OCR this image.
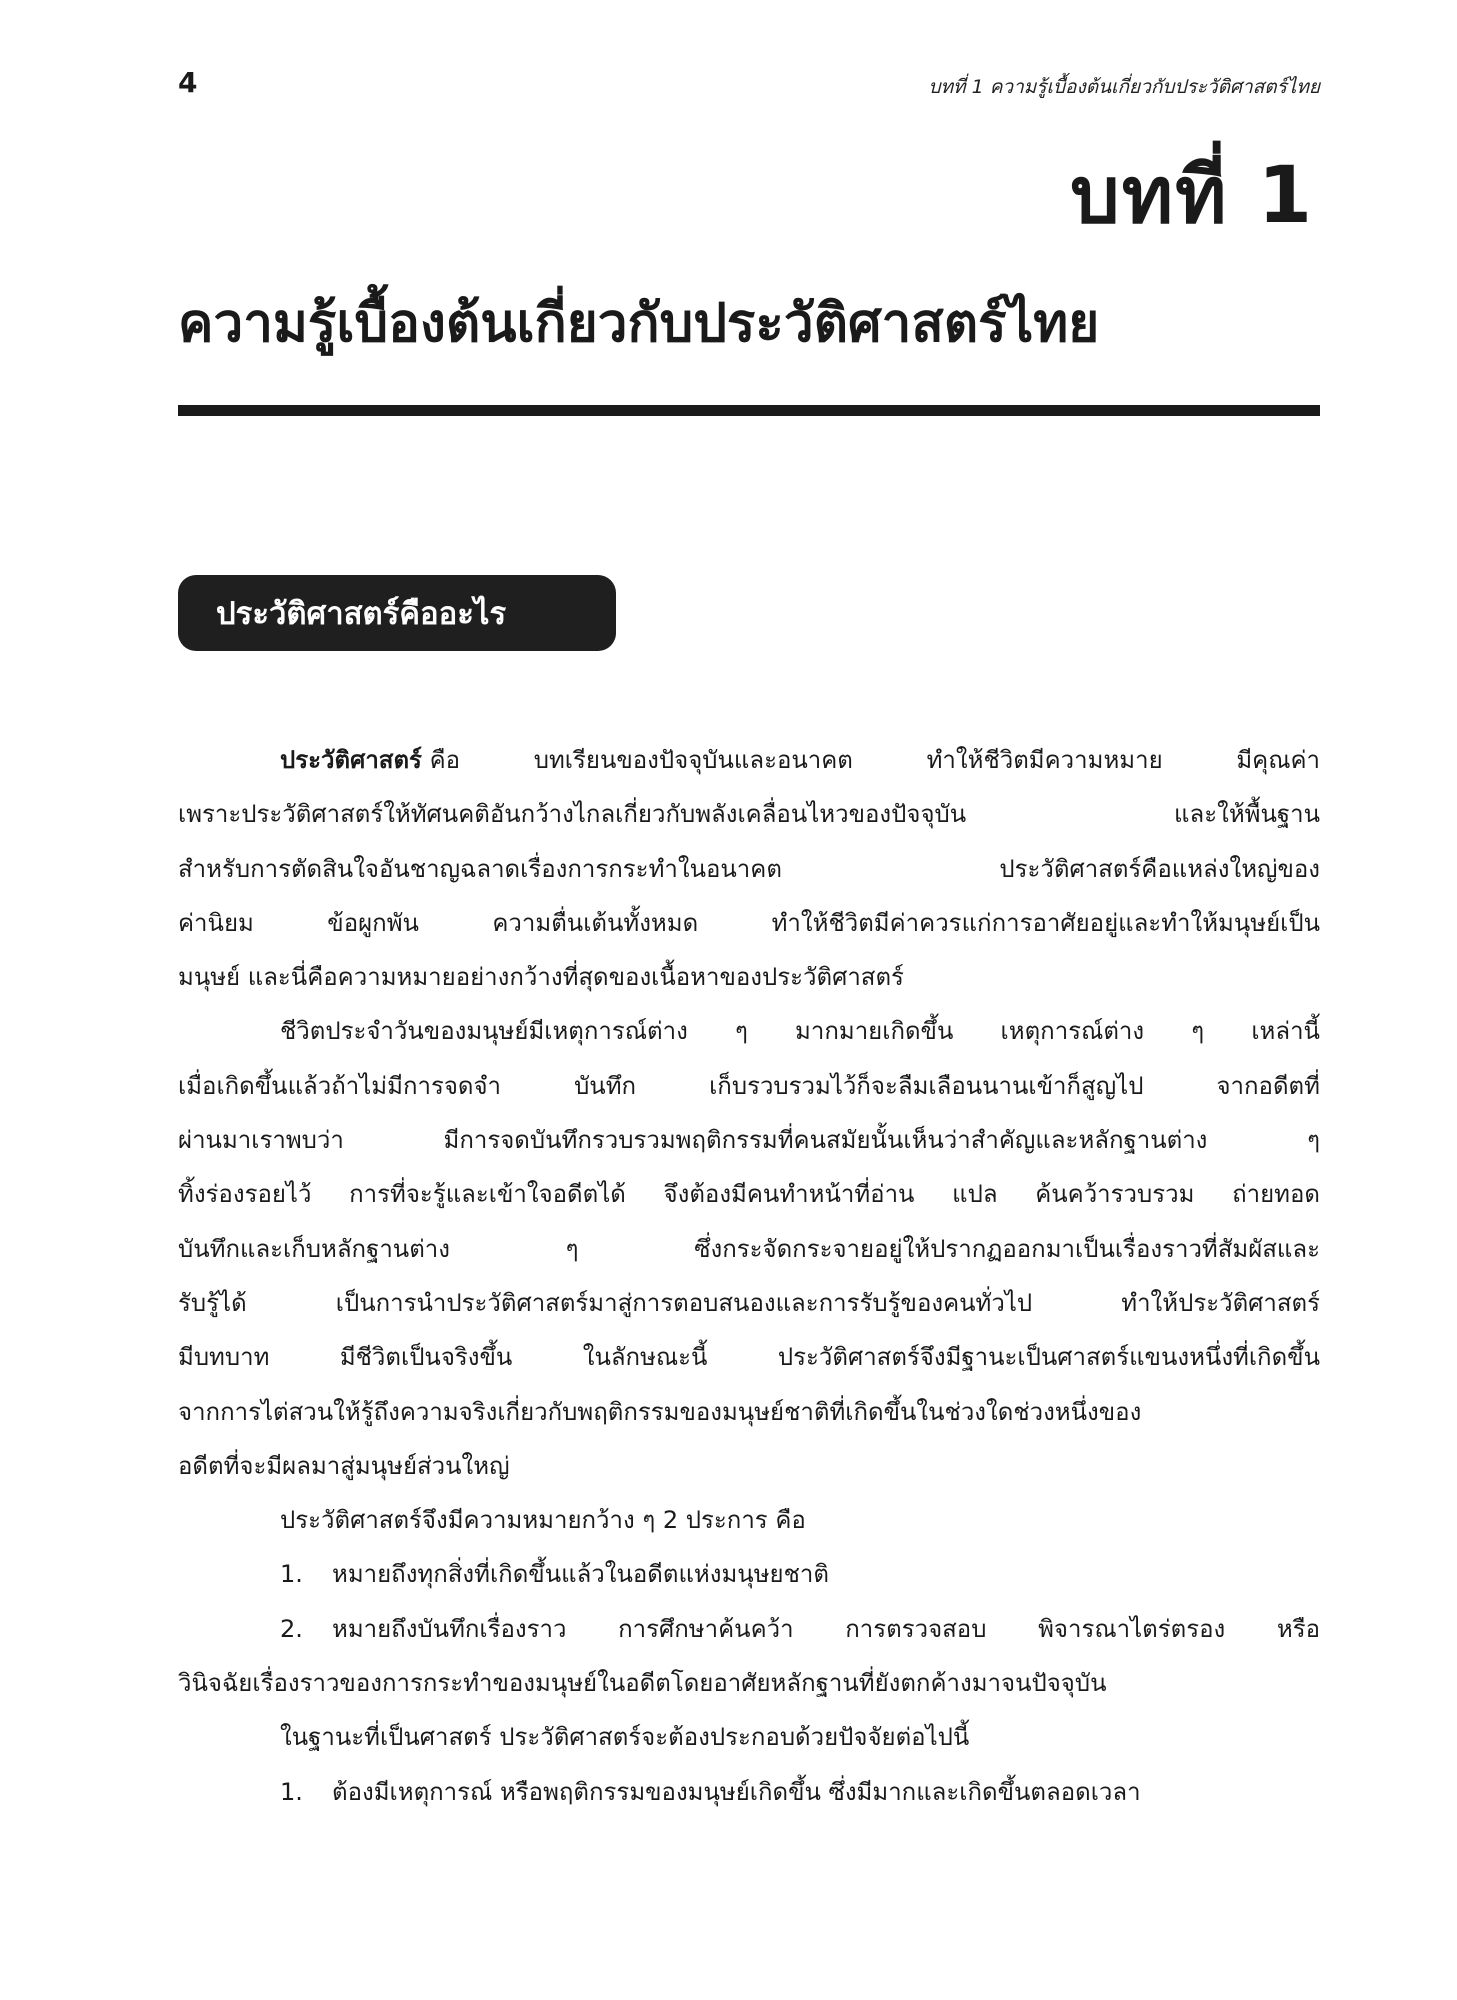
4	บทที่ 1 ความรู้เบื้องต้นเกี่ยวกับประวัติศาสตร์ไทย
บทที่ 1
ความรู้เบื้องต้นเกี่ยวกับประวัติศาสตร์ไทย
ประวัติศาสตร์คืออะไร
ประวัติศาสตร์ คือ	บทเรียนของปัจจุบันและอนาคต	ทำให้ชีวิตมีความหมาย	มีคุณค่า
เพราะประวัติศาสตร์ให้ทัศนคติอันกว้างไกลเกี่ยวกับพลังเคลื่อนไหวของปัจจุบัน	และให้พื้นฐาน
สำหรับการตัดสินใจอันชาญฉลาดเรื่องการกระทำในอนาคต	ประวัติศาสตร์คือแหล่งใหญ่ของ
ค่านิยม	ข้อผูกพัน	ความตื่นเต้นทั้งหมด	ทำให้ชีวิตมีค่าควรแก่การอาศัยอยู่และทำให้มนุษย์เป็น
มนุษย์ และนี่คือความหมายอย่างกว้างที่สุดของเนื้อหาของประวัติศาสตร์
ชีวิตประจำวันของมนุษย์มีเหตุการณ์ต่าง ๆ มากมายเกิดขึ้น เหตุการณ์ต่าง ๆ เหล่านี้
เมื่อเกิดขึ้นแล้วถ้าไม่มีการจดจำ	บันทึก	เก็บรวบรวมไว้ก็จะลืมเลือนนานเข้าก็สูญไป	จากอดีตที่
ผ่านมาเราพบว่า	มีการจดบันทึกรวบรวมพฤติกรรมที่คนสมัยนั้นเห็นว่าสำคัญและหลักฐานต่าง	ๆ
ทิ้งร่องรอยไว้ การที่จะรู้และเข้าใจอดีตได้ จึงต้องมีคนทำหน้าที่อ่าน แปล ค้นคว้ารวบรวม ถ่ายทอด
บันทึกและเก็บหลักฐานต่าง	ๆ	ซึ่งกระจัดกระจายอยู่ให้ปรากฏออกมาเป็นเรื่องราวที่สัมผัสและ
รับรู้ได้	เป็นการนำประวัติศาสตร์มาสู่การตอบสนองและการรับรู้ของคนทั่วไป	ทำให้ประวัติศาสตร์
มีบทบาท	มีชีวิตเป็นจริงขึ้น	ในลักษณะนี้	ประวัติศาสตร์จึงมีฐานะเป็นศาสตร์แขนงหนึ่งที่เกิดขึ้น
จากการไต่สวนให้รู้ถึงความจริงเกี่ยวกับพฤติกรรมของมนุษย์ชาติที่เกิดขึ้นในช่วงใดช่วงหนึ่งของ
อดีตที่จะมีผลมาสู่มนุษย์ส่วนใหญ่
ประวัติศาสตร์จึงมีความหมายกว้าง ๆ 2 ประการ คือ
1. หมายถึงทุกสิ่งที่เกิดขึ้นแล้วในอดีตแห่งมนุษยชาติ
2. หมายถึงบันทึกเรื่องราว การศึกษาค้นคว้า การตรวจสอบ พิจารณาไตร่ตรอง หรือ
วินิจฉัยเรื่องราวของการกระทำของมนุษย์ในอดีตโดยอาศัยหลักฐานที่ยังตกค้างมาจนปัจจุบัน
ในฐานะที่เป็นศาสตร์ ประวัติศาสตร์จะต้องประกอบด้วยปัจจัยต่อไปนี้
1. ต้องมีเหตุการณ์ หรือพฤติกรรมของมนุษย์เกิดขึ้น ซึ่งมีมากและเกิดขึ้นตลอดเวลา
